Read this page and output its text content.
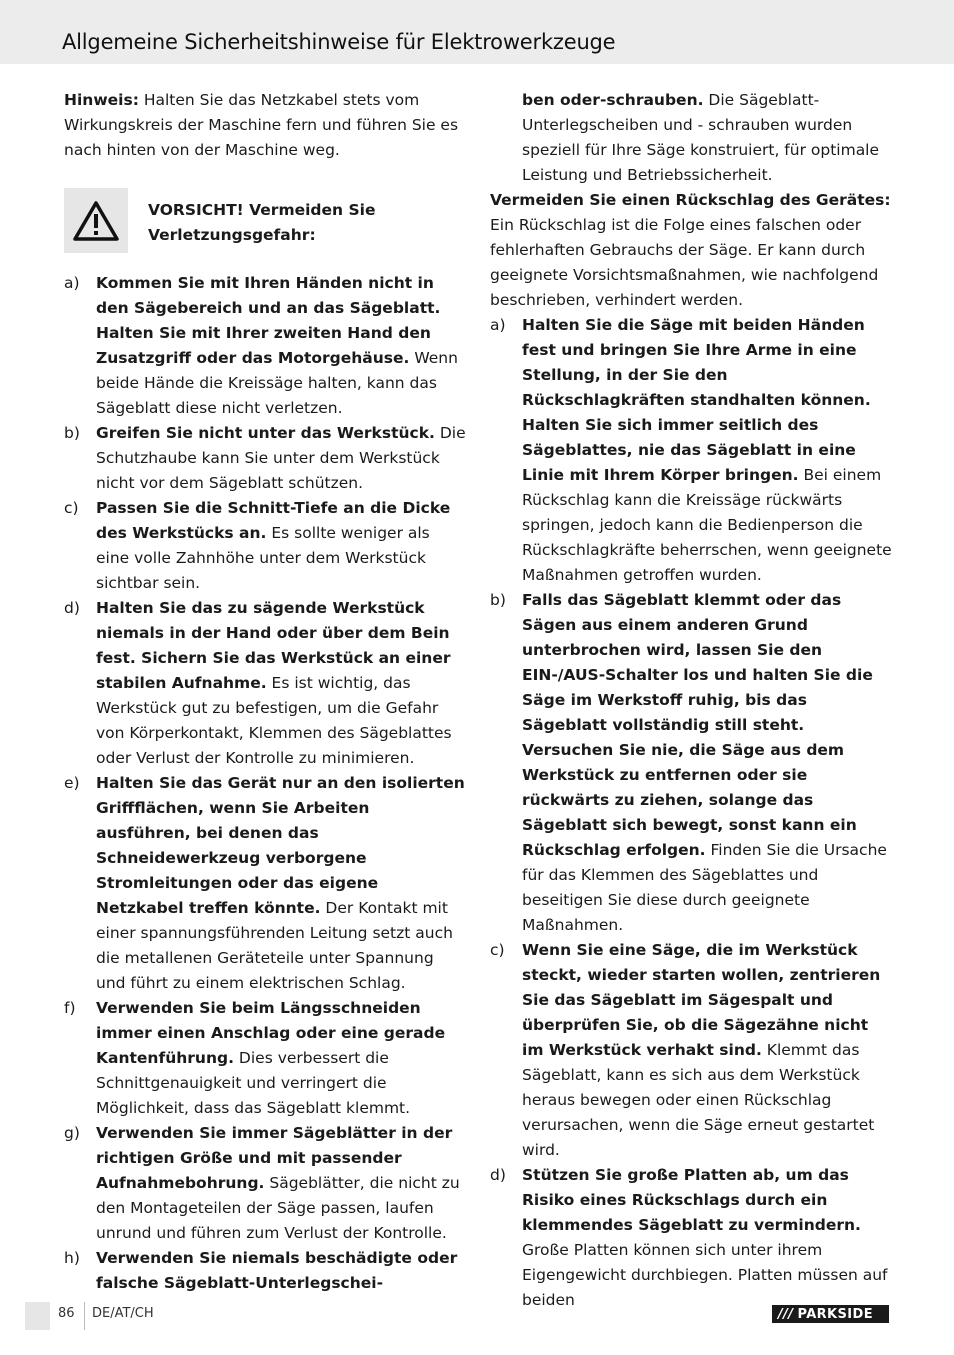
Allgemeine Sicherheitshinweise für Elektrowerkzeuge

Hinweis: Halten Sie das Netzkabel stets vom Wirkungskreis der Maschine fern und führen Sie es nach hinten von der Maschine weg.

VORSICHT! Vermeiden Sie Verletzungsgefahr:
a)	Kommen Sie mit Ihren Händen nicht in den Sägebereich und an das Sägeblatt. Halten Sie mit Ihrer zweiten Hand den Zusatzgriff oder das Motorgehäuse. Wenn beide Hände die Kreissäge halten, kann das Sägeblatt diese nicht verletzen.
b)	Greifen Sie nicht unter das Werkstück. Die Schutzhaube kann Sie unter dem Werkstück nicht vor dem Sägeblatt schützen.
c)	Passen Sie die Schnitt-Tiefe an die Dicke des Werkstücks an. Es sollte weniger als eine volle Zahnhöhe unter dem Werkstück sichtbar sein.
d)	Halten Sie das zu sägende Werkstück niemals in der Hand oder über dem Bein fest. Sichern Sie das Werkstück an einer stabilen Aufnahme. Es ist wichtig, das Werkstück gut zu befestigen, um die Gefahr von Körperkontakt, Klemmen des Sägeblattes oder Verlust der Kontrolle zu minimieren.
e)	Halten Sie das Gerät nur an den isolierten Griffflächen, wenn Sie Arbeiten ausführen, bei denen das Schneidewerkzeug verborgene Stromleitungen oder das eigene Netzkabel treffen könnte. Der Kontakt mit einer spannungsführenden Leitung setzt auch die metallenen Geräteteile unter Spannung und führt zu einem elektrischen Schlag.
f)	Verwenden Sie beim Längsschneiden immer einen Anschlag oder eine gerade Kantenführung. Dies verbessert die Schnittgenauigkeit und verringert die Möglichkeit, dass das Sägeblatt klemmt.
g)	Verwenden Sie immer Sägeblätter in der richtigen Größe und mit passender Aufnahmebohrung. Sägeblätter, die nicht zu den Montageteilen der Säge passen, laufen unrund und führen zum Verlust der Kontrolle.
h)	Verwenden Sie niemals beschädigte oder falsche Sägeblatt-Unterlegschei-
ben oder-schrauben. Die Sägeblatt-Unterlegscheiben und - schrauben wurden speziell für Ihre Säge konstruiert, für optimale Leistung und Betriebssicherheit.

Vermeiden Sie einen Rückschlag des Gerätes:

Ein Rückschlag ist die Folge eines falschen oder fehlerhaften Gebrauchs der Säge. Er kann durch geeignete Vorsichtsmaßnahmen, wie nachfolgend beschrieben, verhindert werden.

a)	Halten Sie die Säge mit beiden Händen fest und bringen Sie Ihre Arme in eine Stellung, in der Sie den Rückschlagkräften standhalten können. Halten Sie sich immer seitlich des Sägeblattes, nie das Sägeblatt in eine Linie mit Ihrem Körper bringen. Bei einem Rückschlag kann die Kreissäge rückwärts springen, jedoch kann die Bedienperson die Rückschlagkräfte beherrschen, wenn geeignete Maßnahmen getroffen wurden.
b)	Falls das Sägeblatt klemmt oder das Sägen aus einem anderen Grund unterbrochen wird, lassen Sie den EIN-/AUS-Schalter los und halten Sie die Säge im Werkstoff ruhig, bis das Sägeblatt vollständig still steht. Versuchen Sie nie, die Säge aus dem Werkstück zu entfernen oder sie rückwärts zu ziehen, solange das Sägeblatt sich bewegt, sonst kann ein Rückschlag erfolgen. Finden Sie die Ursache für das Klemmen des Sägeblattes und beseitigen Sie diese durch geeignete Maßnahmen.
c)	Wenn Sie eine Säge, die im Werkstück steckt, wieder starten wollen, zentrieren Sie das Sägeblatt im Sägespalt und überprüfen Sie, ob die Sägezähne nicht im Werkstück verhakt sind. Klemmt das Sägeblatt, kann es sich aus dem Werkstück heraus bewegen oder einen Rückschlag verursachen, wenn die Säge erneut gestartet wird.
d)	Stützen Sie große Platten ab, um das Risiko eines Rückschlags durch ein klemmendes Sägeblatt zu vermindern. Große Platten können sich unter ihrem Eigengewicht durchbiegen. Platten müssen auf beiden
86 DE/AT/CH	/// PARKSIDE
